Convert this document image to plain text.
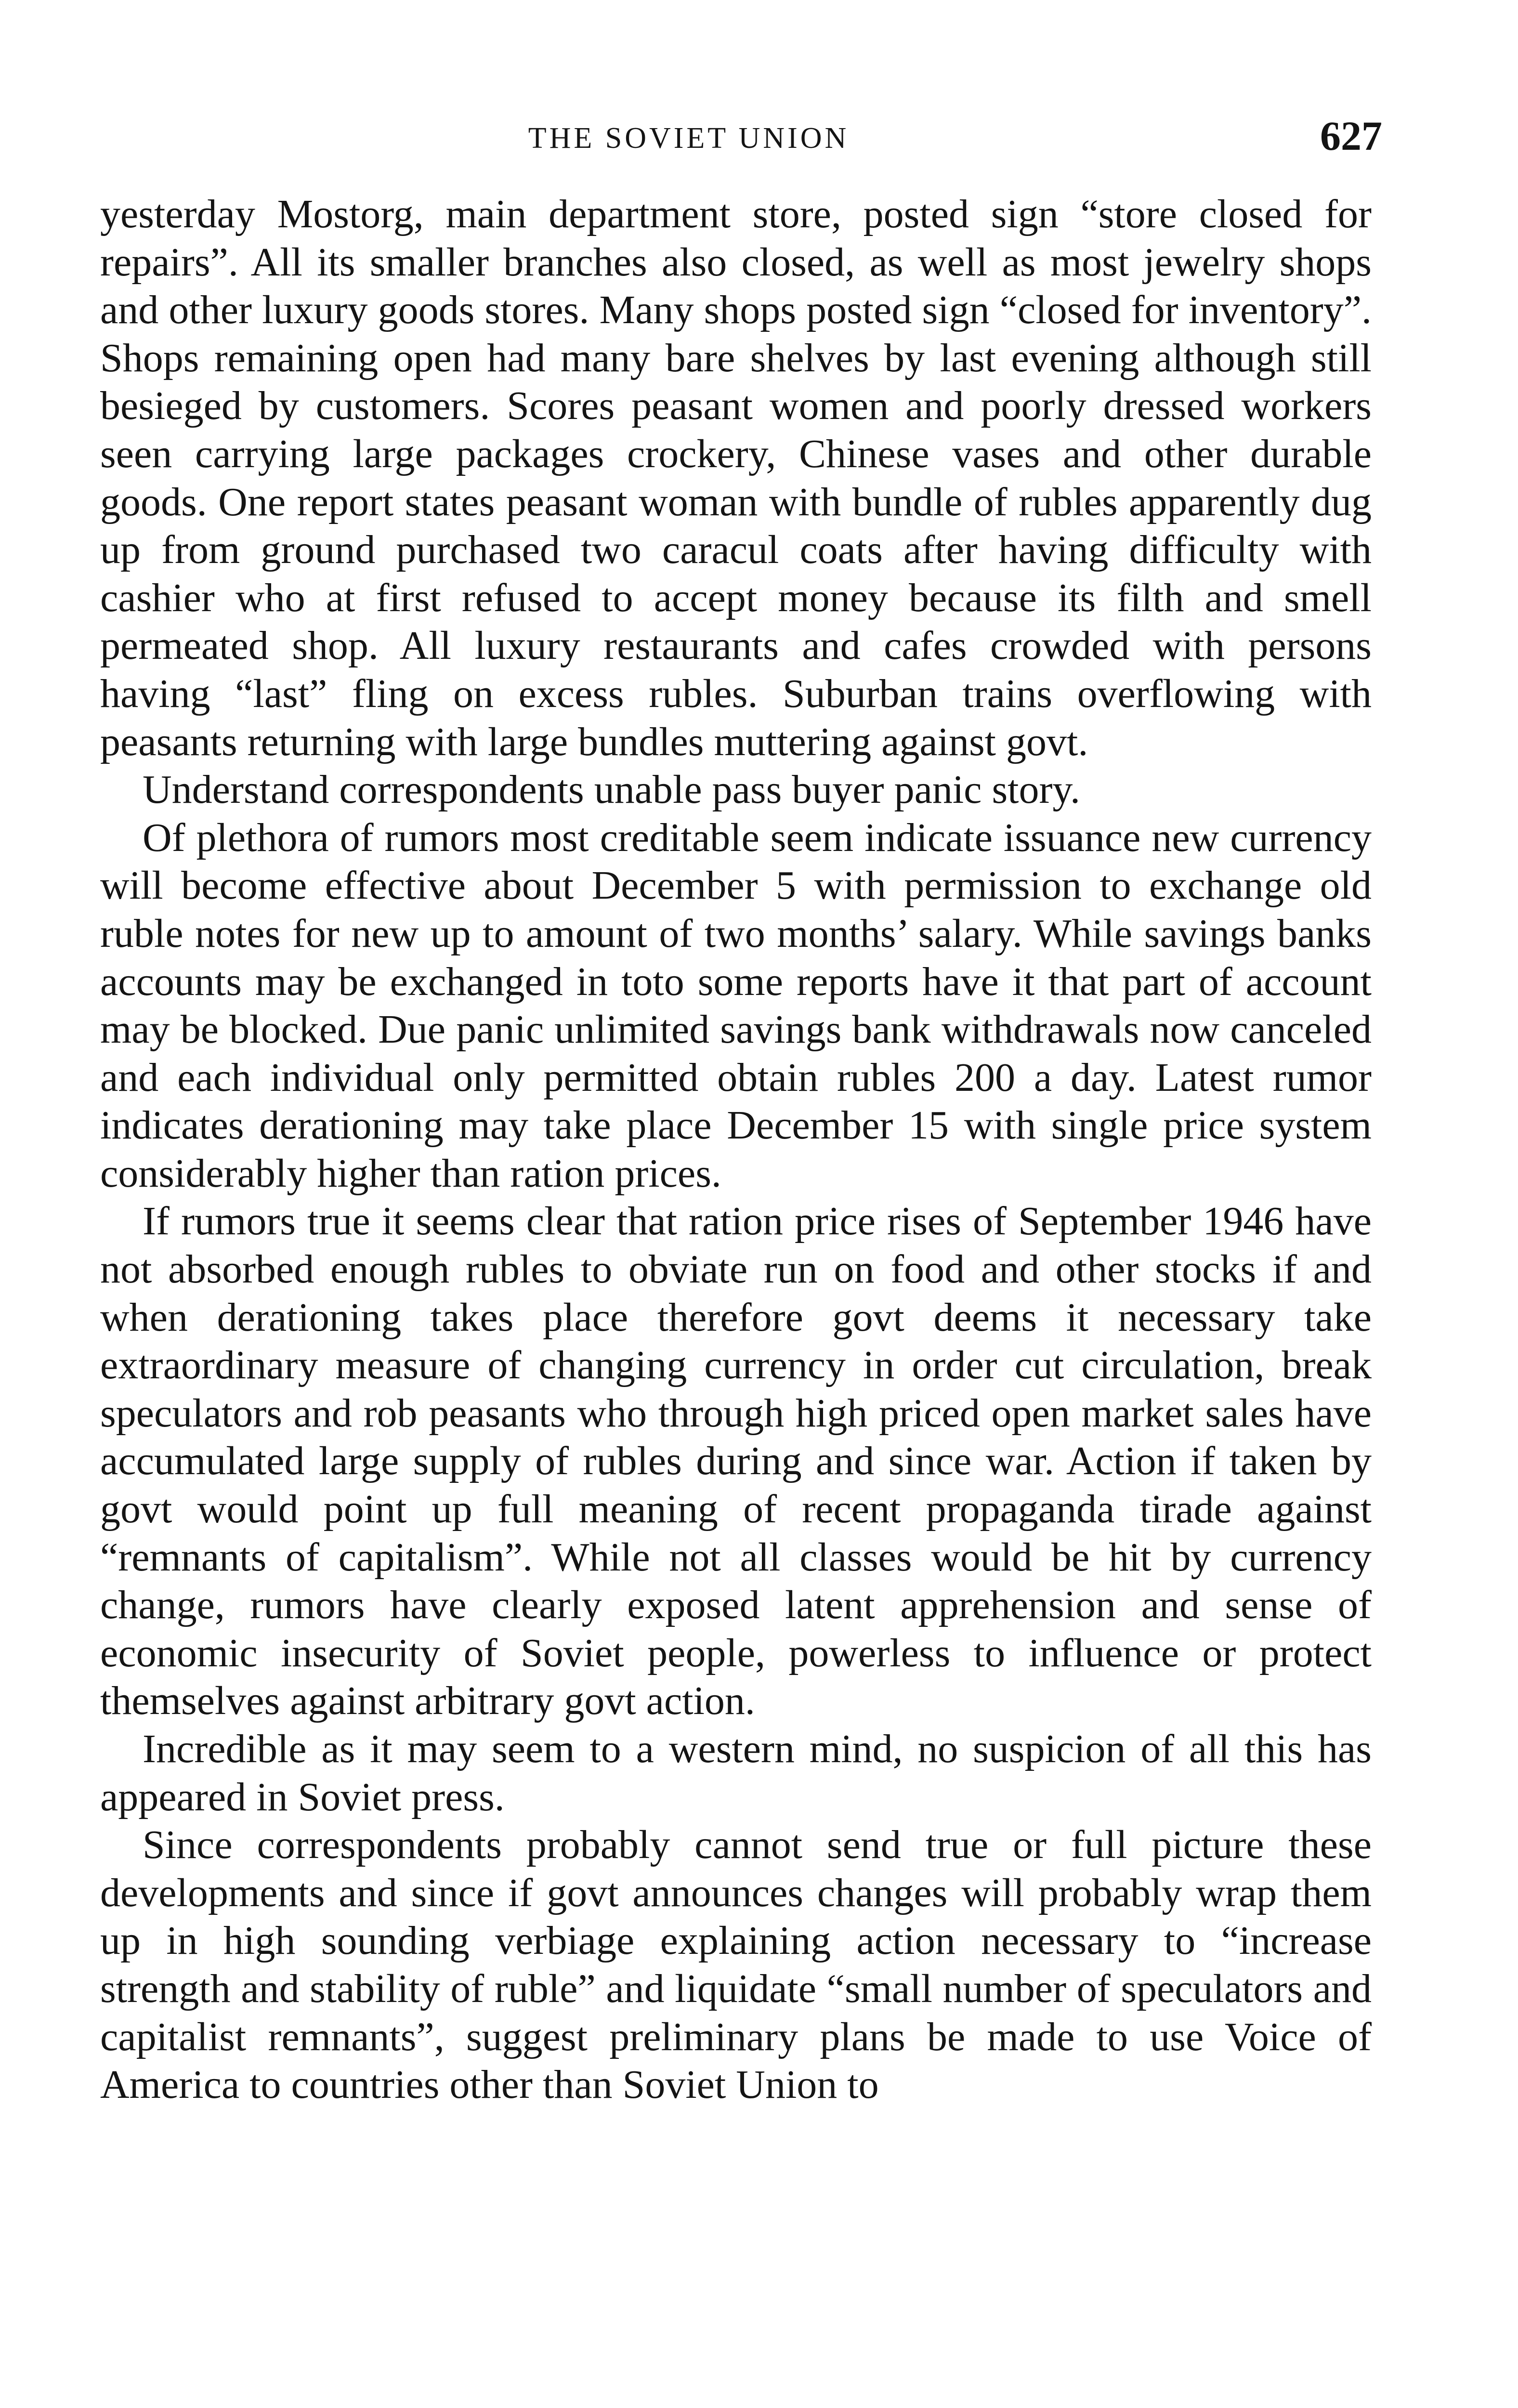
THE SOVIET UNION	627

yesterday Mostorg, main department store, posted sign “store closed for repairs”. All its smaller branches also closed, as well as most jewelry shops and other luxury goods stores. Many shops posted sign “closed for inventory”. Shops remaining open had many bare shelves by last evening although still besieged by customers. Scores peasant women and poorly dressed workers seen carrying large packages crockery, Chinese vases and other durable goods. One report states peasant woman with bundle of rubles apparently dug up from ground purchased two caracul coats after having difficulty with cashier who at first refused to accept money because its filth and smell permeated shop. All luxury restaurants and cafes crowded with persons having “last” fling on excess rubles. Suburban trains overflowing with peasants returning with large bundles muttering against govt.

Understand correspondents unable pass buyer panic story.

Of plethora of rumors most creditable seem indicate issuance new currency will become effective about December 5 with permission to exchange old ruble notes for new up to amount of two months’ salary. While savings banks accounts may be exchanged in toto some reports have it that part of account may be blocked. Due panic unlimited savings bank withdrawals now canceled and each individual only permitted obtain rubles 200 a day. Latest rumor indicates derationing may take place December 15 with single price system considerably higher than ration prices.

If rumors true it seems clear that ration price rises of September 1946 have not absorbed enough rubles to obviate run on food and other stocks if and when derationing takes place therefore govt deems it necessary take extraordinary measure of changing currency in order cut circulation, break speculators and rob peasants who through high priced open market sales have accumulated large supply of rubles during and since war. Action if taken by govt would point up full meaning of recent propaganda tirade against “remnants of capitalism”. While not all classes would be hit by currency change, rumors have clearly exposed latent apprehension and sense of economic insecurity of Soviet people, powerless to influence or protect themselves against arbitrary govt action.

Incredible as it may seem to a western mind, no suspicion of all this has appeared in Soviet press.

Since correspondents probably cannot send true or full picture these developments and since if govt announces changes will probably wrap them up in high sounding verbiage explaining action necessary to “increase strength and stability of ruble” and liquidate “small number of speculators and capitalist remnants”, suggest preliminary plans be made to use Voice of America to countries other than Soviet Union to
